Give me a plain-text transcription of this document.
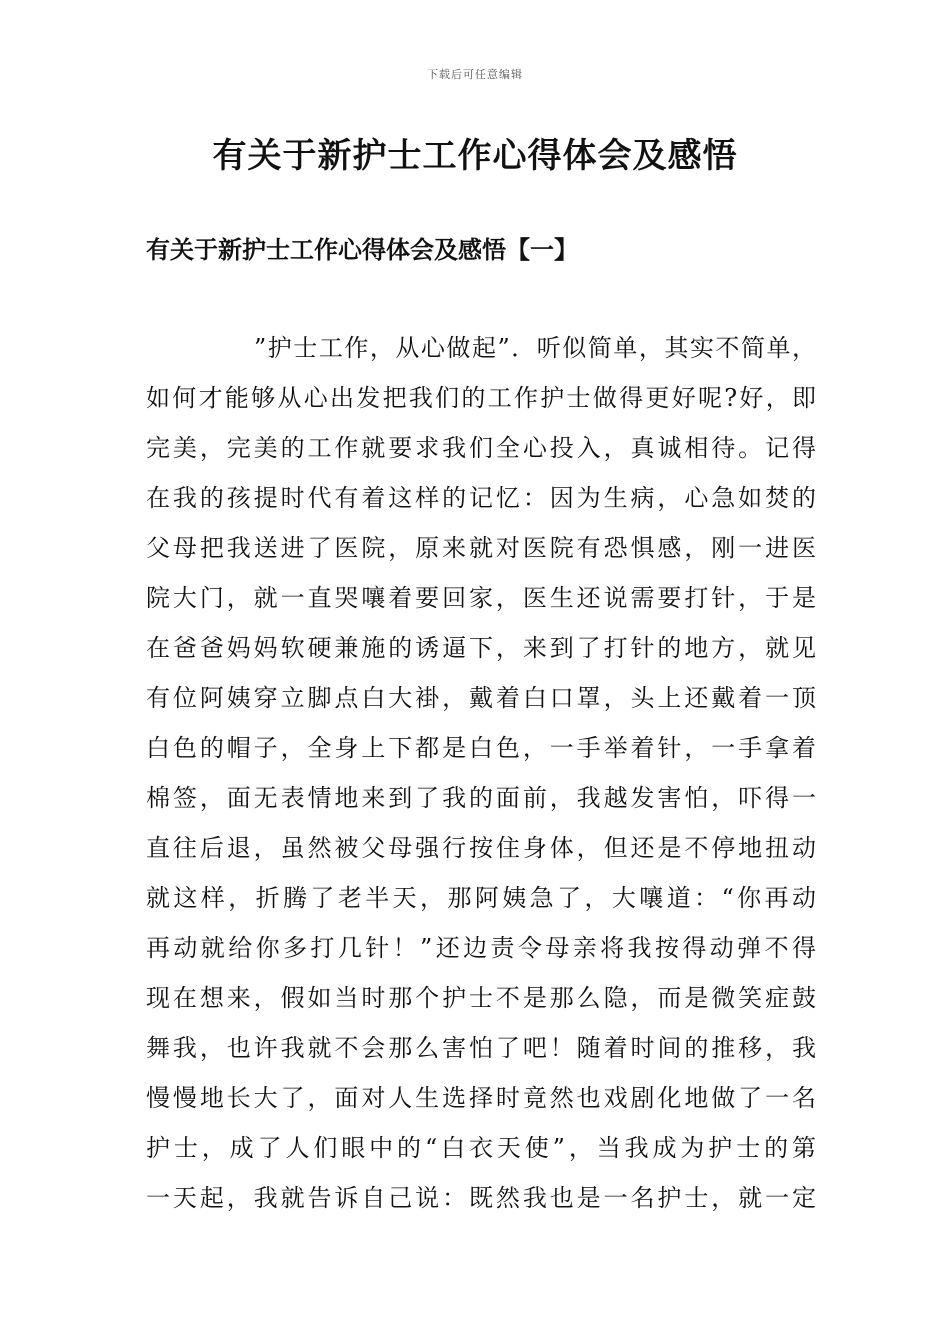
下载后可任意编辑
有关于新护士工作心得体会及感悟
有关于新护士工作心得体会及感悟【一】
”护士工作，从心做起”．听似简单，其实不简单，
如何才能够从心出发把我们的工作护士做得更好呢?好，即
完美，完美的工作就要求我们全心投入，真诚相待。记得
在我的孩提时代有着这样的记忆：因为生病，心急如焚的
父母把我送进了医院，原来就对医院有恐惧感，刚一进医
院大门，就一直哭嚷着要回家，医生还说需要打针，于是
在爸爸妈妈软硬兼施的诱逼下，来到了打针的地方，就见
有位阿姨穿立脚点白大褂，戴着白口罩，头上还戴着一顶
白色的帽子，全身上下都是白色，一手举着针，一手拿着
棉签，面无表情地来到了我的面前，我越发害怕，吓得一
直往后退，虽然被父母强行按住身体，但还是不停地扭动
就这样，折腾了老半天，那阿姨急了，大嚷道：“你再动
再动就给你多打几针！”还边责令母亲将我按得动弹不得
现在想来，假如当时那个护士不是那么隐，而是微笑症鼓
舞我，也许我就不会那么害怕了吧！随着时间的推移，我
慢慢地长大了，面对人生选择时竟然也戏剧化地做了一名
护士，成了人们眼中的“白衣天使”，当我成为护士的第
一天起，我就告诉自己说：既然我也是一名护士，就一定
